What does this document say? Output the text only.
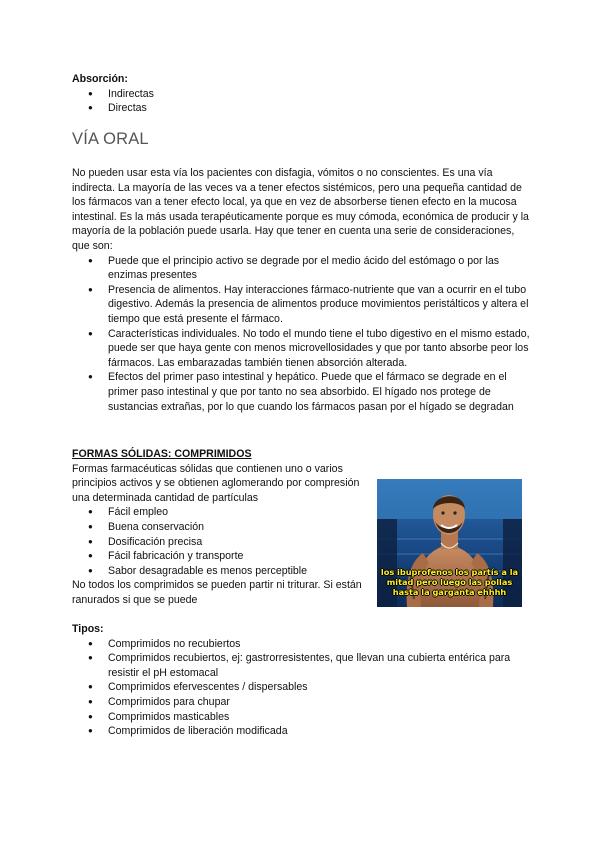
Absorción:
● Indirectas
● Directas
VÍA ORAL
No pueden usar esta vía los pacientes con disfagia, vómitos o no conscientes. Es una vía indirecta. La mayoría de las veces va a tener efectos sistémicos, pero una pequeña cantidad de los fármacos van a tener efecto local, ya que en vez de absorberse tienen efecto en la mucosa intestinal. Es la más usada terapéuticamente porque es muy cómoda, económica de producir y la mayoría de la población puede usarla. Hay que tener en cuenta una serie de consideraciones, que son:
● Puede que el principio activo se degrade por el medio ácido del estómago o por las enzimas presentes
● Presencia de alimentos. Hay interacciones fármaco-nutriente que van a ocurrir en el tubo digestivo. Además la presencia de alimentos produce movimientos peristálticos y altera el tiempo que está presente el fármaco.
● Características individuales. No todo el mundo tiene el tubo digestivo en el mismo estado, puede ser que haya gente con menos microvellosidades y que por tanto absorbe peor los fármacos. Las embarazadas también tienen absorción alterada.
● Efectos del primer paso intestinal y hepático. Puede que el fármaco se degrade en el primer paso intestinal y que por tanto no sea absorbido. El hígado nos protege de sustancias extrañas, por lo que cuando los fármacos pasan por el hígado se degradan
FORMAS SÓLIDAS: COMPRIMIDOS
Formas farmacéuticas sólidas que contienen uno o varios principios activos y se obtienen aglomerando por compresión una determinada cantidad de partículas
● Fácil empleo
● Buena conservación
● Dosificación precisa
● Fácil fabricación y transporte
● Sabor desagradable es menos perceptible
No todos los comprimidos se pueden partir ni triturar. Si están ranurados si que se puede
los ibuprofenos los partís a la
mitad pero luego las pollas
hasta la garganta ehhhh
Tipos:
● Comprimidos no recubiertos
● Comprimidos recubiertos, ej: gastrorresistentes, que llevan una cubierta entérica para resistir el pH estomacal
● Comprimidos efervescentes / dispersables
● Comprimidos para chupar
● Comprimidos masticables
● Comprimidos de liberación modificada
